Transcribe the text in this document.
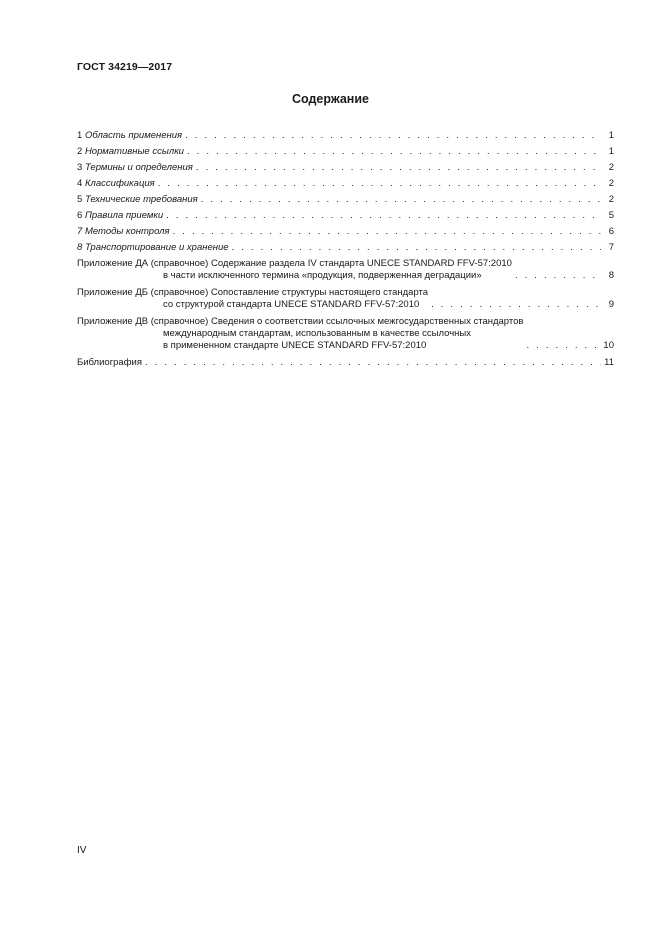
ГОСТ 34219—2017
Содержание
1 Область применения . . .	1
2 Нормативные ссылки . . .	1
3 Термины и определения . . .	2
4 Классификация . . .	2
5 Технические требования . . .	2
6 Правила приемки . . .	5
7 Методы контроля . . .	6
8 Транспортирование и хранение . . .	7
Приложение ДА (справочное) Содержание раздела IV стандарта UNECE STANDARD FFV-57:2010
в части исключенного термина «продукция, подверженная деградации» . . .	8
Приложение ДБ (справочное) Сопоставление структуры настоящего стандарта
со структурой стандарта UNECE STANDARD FFV-57:2010 . . .	9
Приложение ДВ (справочное) Сведения о соответствии ссылочных межгосударственных стандартов
международным стандартам, использованным в качестве ссылочных
в примененном стандарте UNECE STANDARD FFV-57:2010 . . .	10
Библиография . . .	11
IV
